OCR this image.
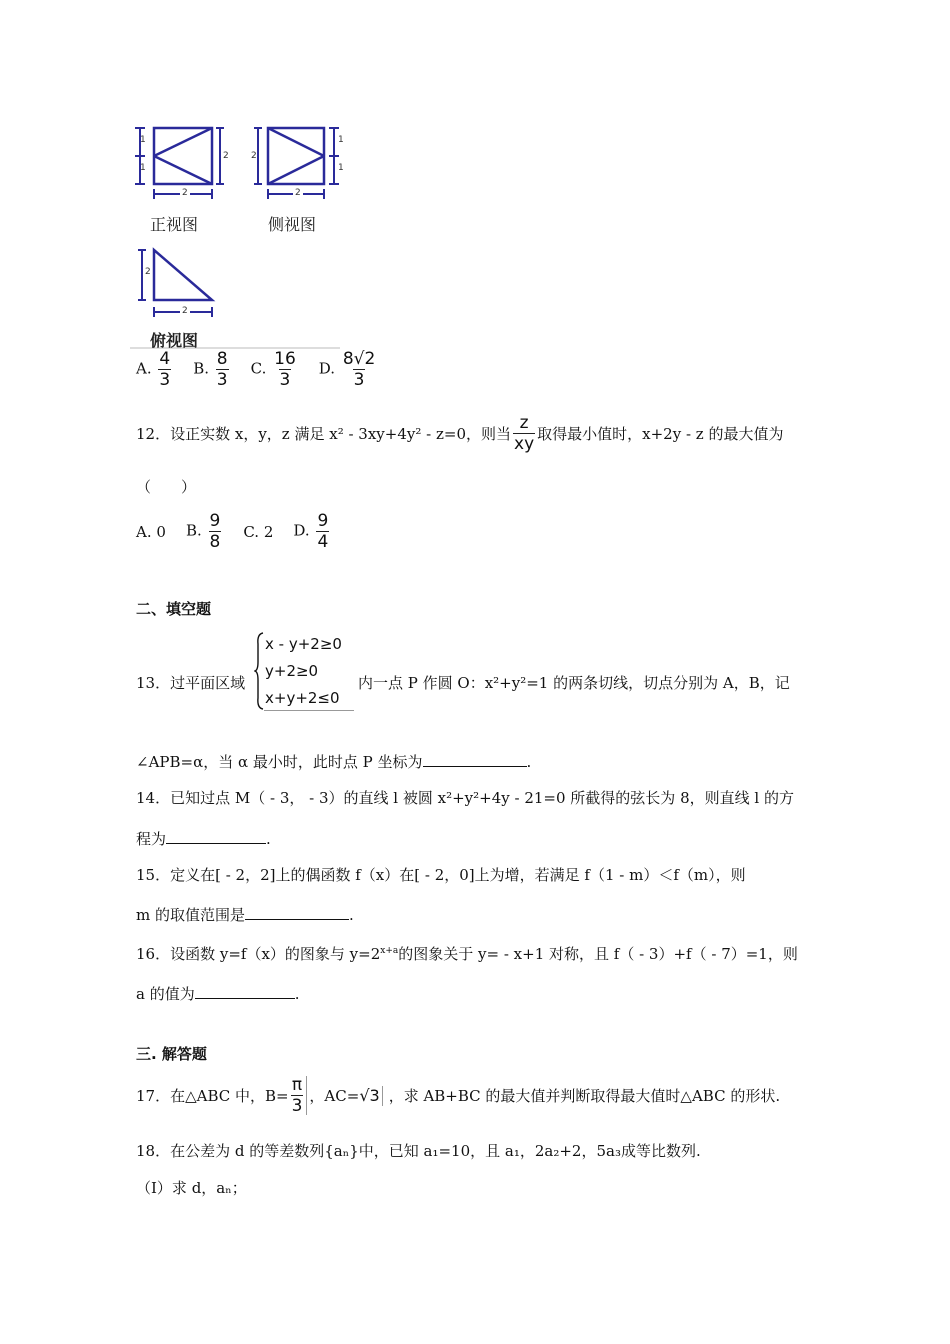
1
1
2
2
2
1
1
2
2
2
正视图	侧视图
俯视图
A. $\frac{4}{3} B$. $\frac{8}{3} C$. $\frac{16}{3} D$. $\frac{8√2}{3}$
12．设正实数 x，y，z 满足 x² - 3xy+4y² - z=0，则当 $\frac{z}{xy}$ 取得最小值时，x+2y - z 的最大值为
（　　）
A. 0 B. $\frac{9}{8} C$. 2 D. $\frac{9}{4}$
二、填空题
13．过平面区域
x - y+2≥0
y+2≥0
x+y+2≤0
内一点 P 作圆 O：x²+y²=1 的两条切线，切点分别为 A，B，记
∠APB=α，当 α 最小时，此时点 P 坐标为	.
14．已知过点 M（ - 3， - 3）的直线 l 被圆 x²+y²+4y - 21=0 所截得的弦长为 8，则直线 l 的方
程为	.
15．定义在[ - 2，2]上的偶函数 f（x）在[ - 2，0]上为增，若满足 f（1 - m）＜f（m），则
m 的取值范围是	.
16．设函数 y=f（x）的图象与 $y=2^{x+a}$的图象关于 y= - x+1 对称，且 f（ - 3）+f（ - 7）=1，则
a 的值为	.
三. 解答题
17．在△ABC 中，$B= \frac{\pi}{3}$ ，AC= √3 ，求 AB+BC 的最大值并判断取得最大值时△ABC 的形状.
18．在公差为 d 的等差数列{aₙ}中，已知 a₁=10，且 a₁，2a₂+2，5a₃成等比数列.
（Ⅰ）求 d，aₙ；
